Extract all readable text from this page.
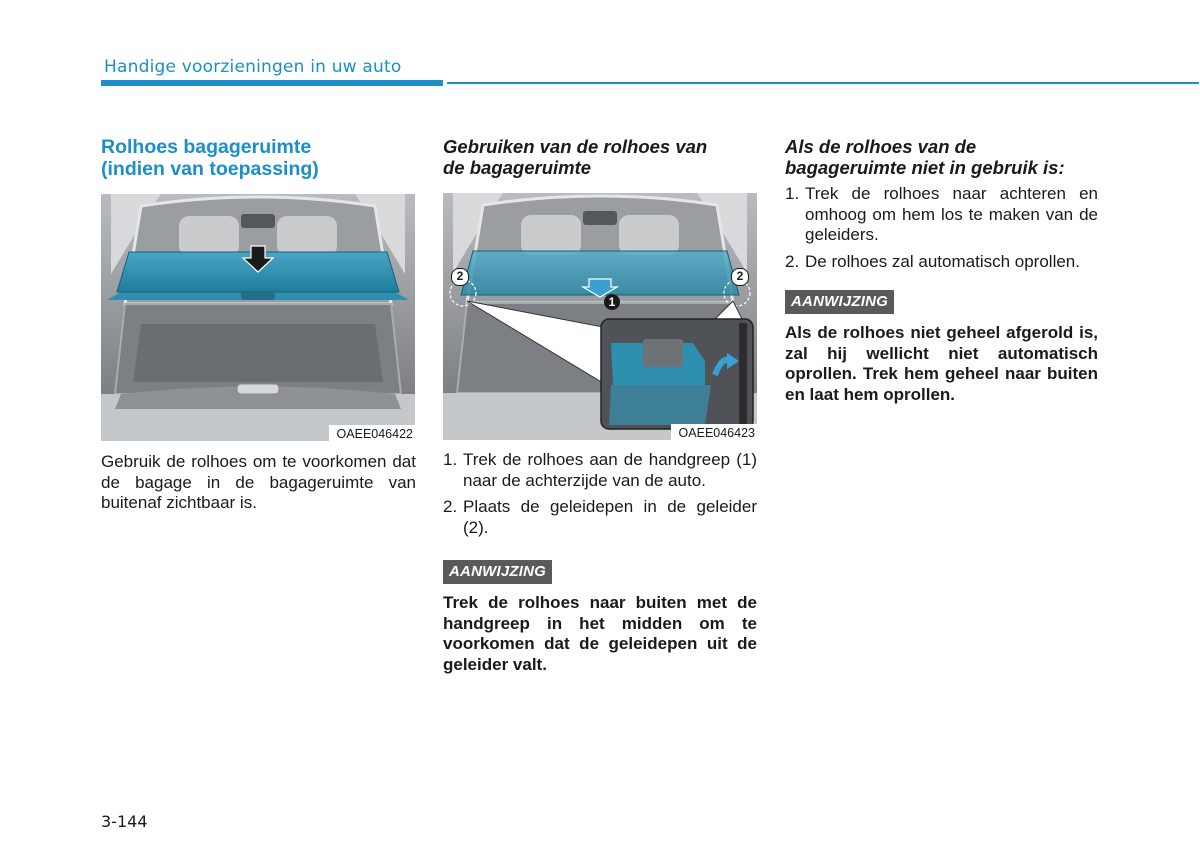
Handige voorzieningen in uw auto
Rolhoes bagageruimte
(indien van toepassing)
OAEE046422

Gebruik de rolhoes om te voorkomen dat de bagage in de bagageruimte van buitenaf zichtbaar is.

Gebruiken van de rolhoes van
de bagageruimte
1
2	2
OAEE046423
1. Trek de rolhoes aan de handgreep (1) naar de achterzijde van de auto.
2. Plaats de geleidepen in de geleider (2).
AANWIJZING

Trek de rolhoes naar buiten met de handgreep in het midden om te voorkomen dat de geleidepen uit de geleider valt.

Als de rolhoes van de
bagageruimte niet in gebruik is:
1. Trek de rolhoes naar achteren en omhoog om hem los te maken van de geleiders.
2. De rolhoes zal automatisch oprollen.
AANWIJZING

Als de rolhoes niet geheel afgerold is, zal hij wellicht niet automatisch oprollen. Trek hem geheel naar buiten en laat hem oprollen.

3-144
